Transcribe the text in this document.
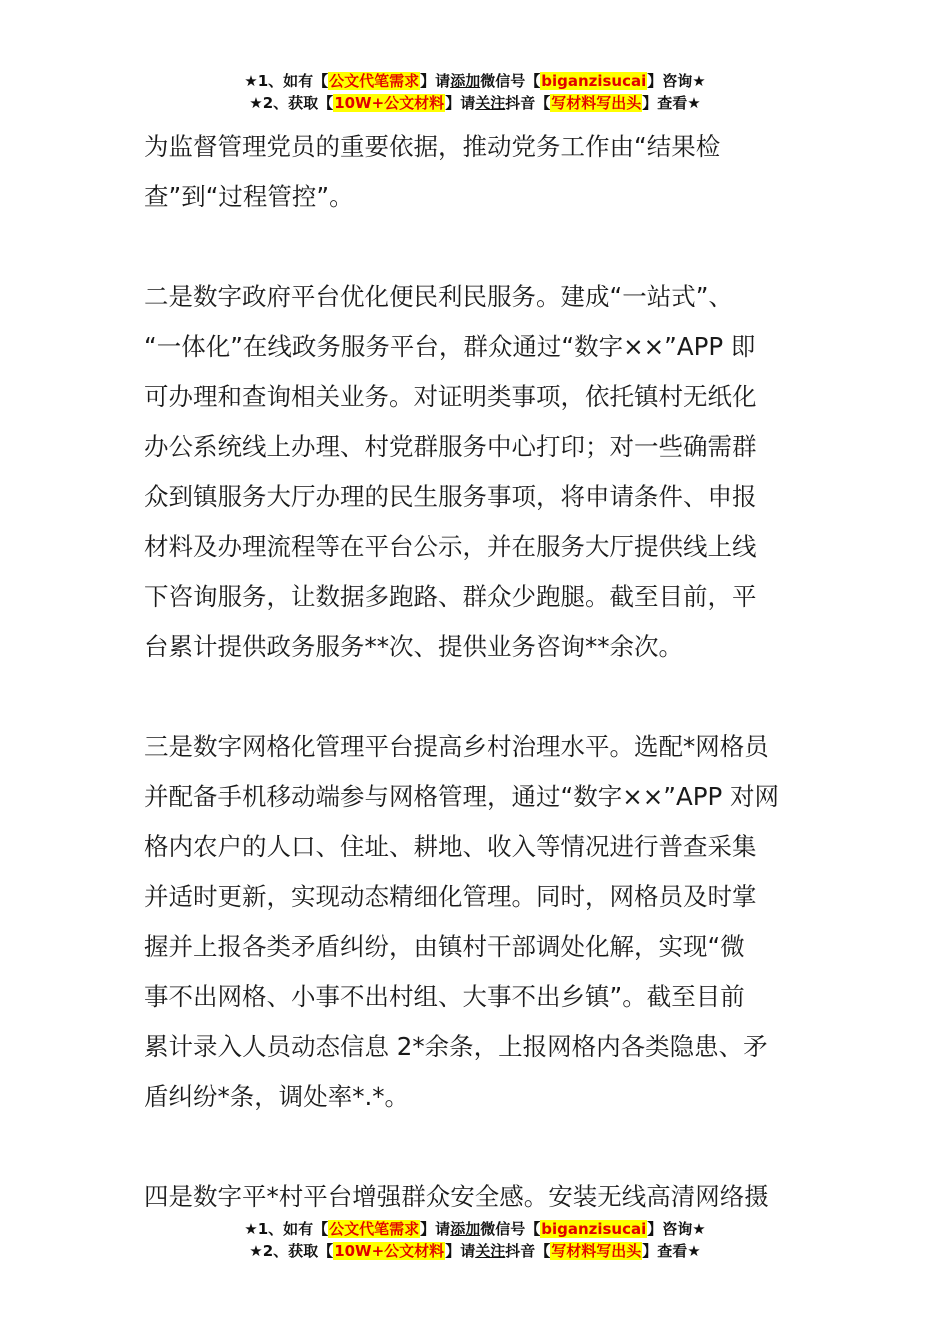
★1、如有【公文代笔需求】请添加微信号【biganzisucai】咨询★
★2、获取【10W+公文材料】请关注抖音【写材料写出头】查看★
为监督管理党员的重要依据，推动党务工作由“结果检
查”到“过程管控”。
二是数字政府平台优化便民利民服务。建成“一站式”、
“一体化”在线政务服务平台，群众通过“数字××”APP 即
可办理和查询相关业务。对证明类事项，依托镇村无纸化
办公系统线上办理、村党群服务中心打印；对一些确需群
众到镇服务大厅办理的民生服务事项，将申请条件、申报
材料及办理流程等在平台公示，并在服务大厅提供线上线
下咨询服务，让数据多跑路、群众少跑腿。截至目前，平
台累计提供政务服务**次、提供业务咨询**余次。
三是数字网格化管理平台提高乡村治理水平。选配*网格员
并配备手机移动端参与网格管理，通过“数字××”APP 对网
格内农户的人口、住址、耕地、收入等情况进行普查采集
并适时更新，实现动态精细化管理。同时，网格员及时掌
握并上报各类矛盾纠纷，由镇村干部调处化解，实现“微
事不出网格、小事不出村组、大事不出乡镇”。截至目前
累计录入人员动态信息 2*余条，上报网格内各类隐患、矛
盾纠纷*条，调处率*.*。
四是数字平*村平台增强群众安全感。安装无线高清网络摄
★1、如有【公文代笔需求】请添加微信号【biganzisucai】咨询★
★2、获取【10W+公文材料】请关注抖音【写材料写出头】查看★
